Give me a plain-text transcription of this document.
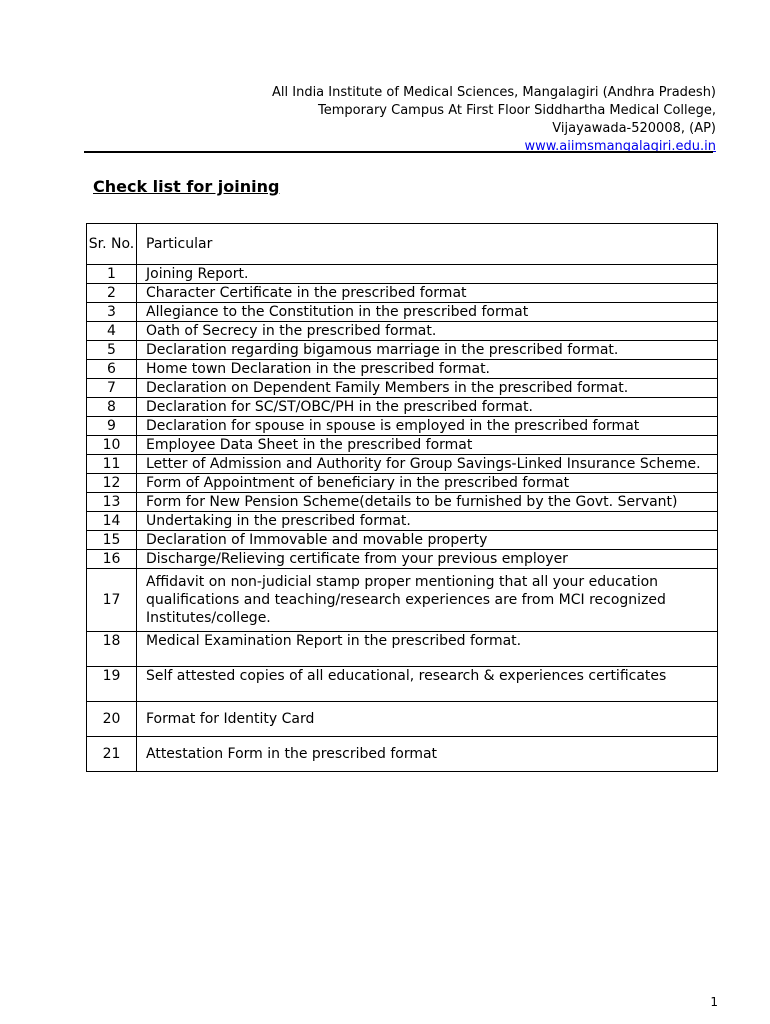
All India Institute of Medical Sciences, Mangalagiri (Andhra Pradesh)
Temporary Campus At First Floor Siddhartha Medical College,
Vijayawada-520008, (AP)
www.aiimsmangalagiri.edu.in
Check list for joining
Sr. No.	Particular
1	Joining Report.
2	Character Certificate in the prescribed format
3	Allegiance to the Constitution in the prescribed format
4	Oath of Secrecy in the prescribed format.
5	Declaration regarding bigamous marriage in the prescribed format.
6	Home town Declaration in the prescribed format.
7	Declaration on Dependent Family Members in the prescribed format.
8	Declaration for SC/ST/OBC/PH in the prescribed format.
9	Declaration for spouse in spouse is employed in the prescribed format
10	Employee Data Sheet in the prescribed format
11	Letter of Admission and Authority for Group Savings-Linked Insurance Scheme.
12	Form of Appointment of beneficiary in the prescribed format
13	Form for New Pension Scheme(details to be furnished by the Govt. Servant)
14	Undertaking in the prescribed format.
15	Declaration of Immovable and movable property
16	Discharge/Relieving certificate from your previous employer
17	Affidavit on non-judicial stamp proper mentioning that all your education qualifications and teaching/research experiences are from MCI recognized Institutes/college.
18	Medical Examination Report in the prescribed format.
19	Self attested copies of all educational, research & experiences certificates
20	Format for Identity Card
21	Attestation Form in the prescribed format
1
